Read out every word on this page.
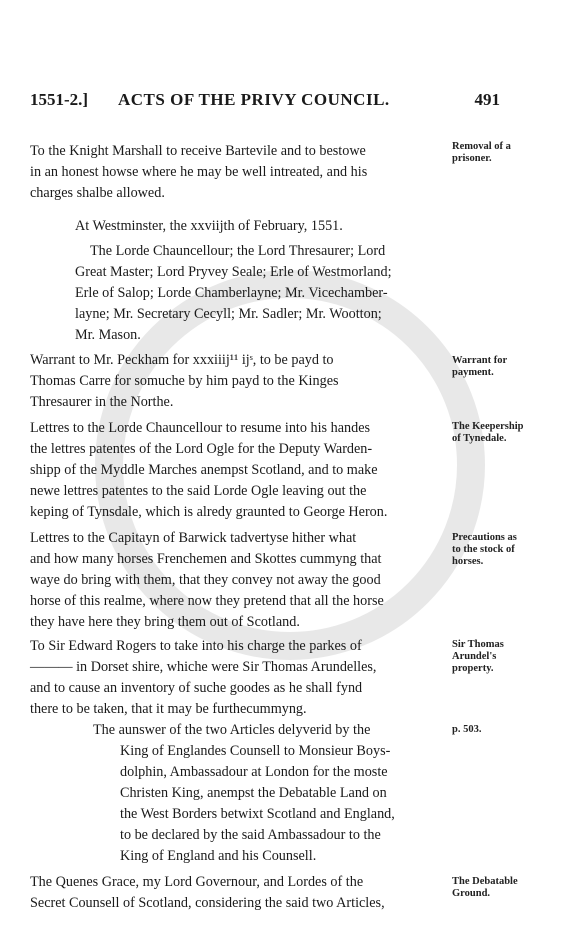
1551-2.] ACTS OF THE PRIVY COUNCIL.	491
To the Knight Marshall to receive Bartevile and to bestowe
in an honest howse where he may be well intreated, and his
charges shalbe allowed.
Removal of a
prisoner.
At Westminster, the xxviijth of February, 1551.
The Lorde Chauncellour; the Lord Thresaurer; Lord
Great Master; Lord Pryvey Seale; Erle of Westmorland;
Erle of Salop; Lorde Chamberlayne; Mr. Vicechamber-
layne; Mr. Secretary Cecyll; Mr. Sadler; Mr. Wootton;
Mr. Mason.
Warrant to Mr. Peckham for xxxiiij¹¹ ijˢ, to be payd to
Thomas Carre for somuche by him payd to the Kinges
Thresaurer in the Northe.
Warrant for
payment.
Lettres to the Lorde Chauncellour to resume into his handes
the lettres patentes of the Lord Ogle for the Deputy Warden-
shipp of the Myddle Marches anempst Scotland, and to make
newe lettres patentes to the said Lorde Ogle leaving out the
keping of Tynsdale, which is alredy graunted to George Heron.
The Keepership
of Tynedale.
Lettres to the Capitayn of Barwick tadvertyse hither what
and how many horses Frenchemen and Skottes cummyng that
waye do bring with them, that they convey not away the good
horse of this realme, where now they pretend that all the horse
they have here they bring them out of Scotland.
Precautions as
to the stock of
horses.
To Sir Edward Rogers to take into his charge the parkes of
——— in Dorset shire, whiche were Sir Thomas Arundelles,
and to cause an inventory of suche goodes as he shall fynd
there to be taken, that it may be furthecummyng.
Sir Thomas
Arundel's
property.
The aunswer of the two Articles delyverid by the
King of Englandes Counsell to Monsieur Boys-
dolphin, Ambassadour at London for the moste
Christen King, anempst the Debatable Land on
the West Borders betwixt Scotland and England,
to be declared by the said Ambassadour to the
King of England and his Counsell.
p. 503.
The Quenes Grace, my Lord Governour, and Lordes of the
Secret Counsell of Scotland, considering the said two Articles,
The Debatable
Ground.
